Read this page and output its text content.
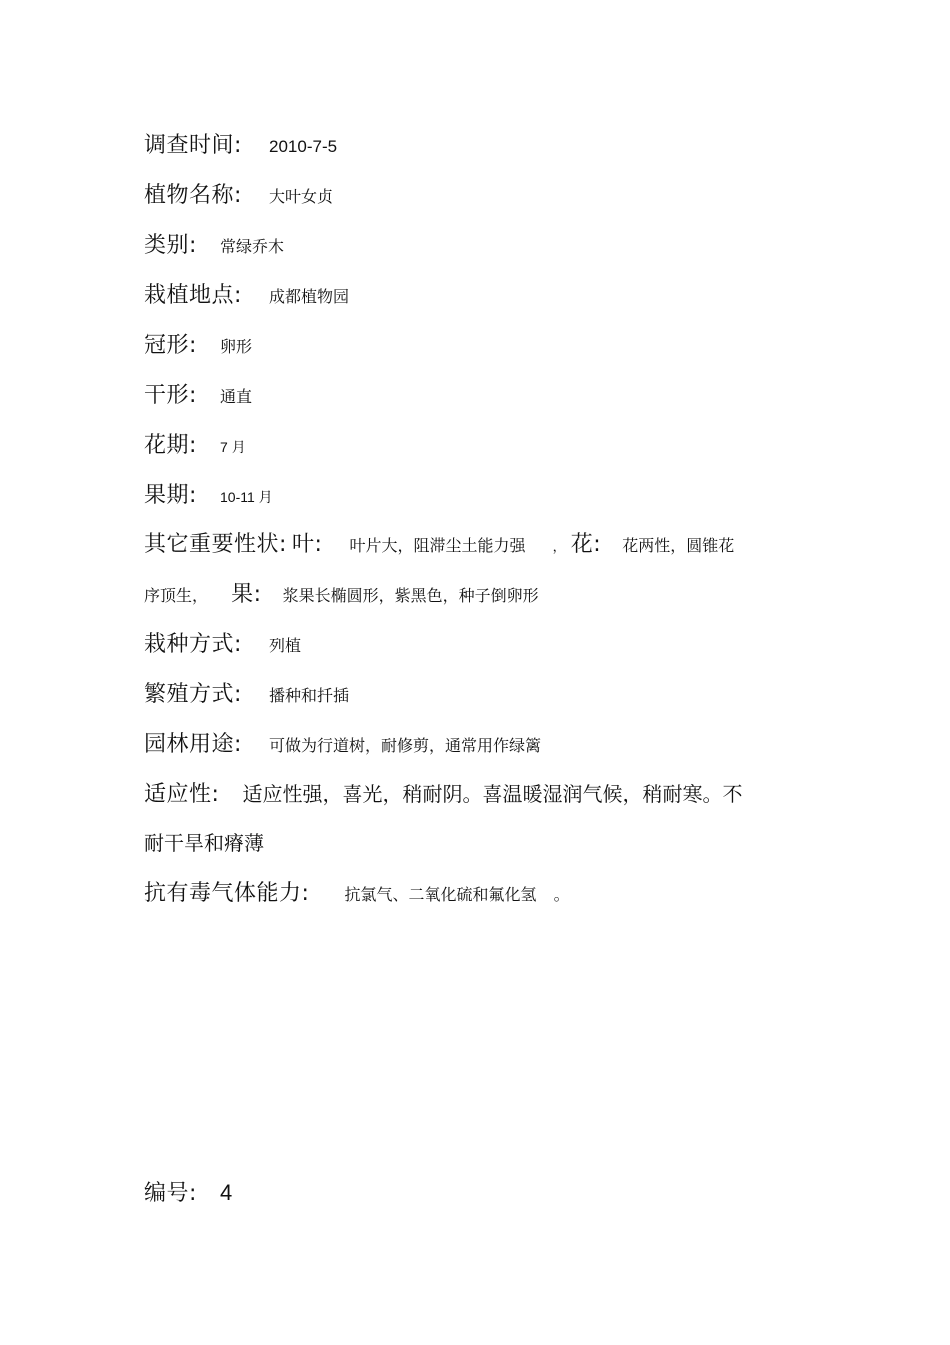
调查时间: 2010-7-5
植物名称: 大叶女贞
类别: 常绿乔木
栽植地点: 成都植物园
冠形: 卵形
干形: 通直
花期: 7 月
果期: 10-11 月
其它重要性状: 叶: 叶片大，阻滞尘土能力强 ， 花: 花两性，圆锥花
序顶生， 果: 浆果长椭圆形，紫黑色，种子倒卵形
栽种方式: 列植
繁殖方式: 播种和扦插
园林用途: 可做为行道树，耐修剪，通常用作绿篱
适应性: 适应性强，喜光，稍耐阴。喜温暖湿润气候，稍耐寒。不
耐干旱和瘠薄
抗有毒气体能力: 抗氯气、二氧化硫和氟化氢 。
编号: 4
